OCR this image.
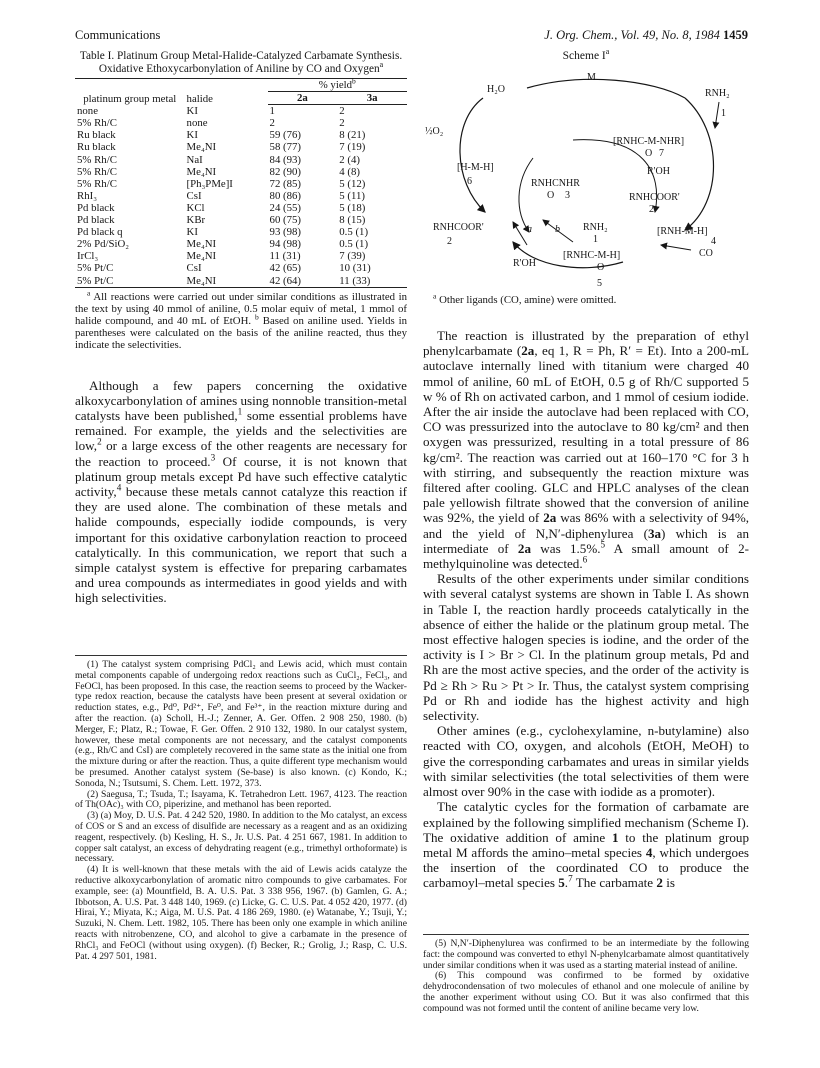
Communications	J. Org. Chem., Vol. 49, No. 8, 1984 1459

Table I. Platinum Group Metal-Halide-Catalyzed Carbamate Synthesis. Oxidative Ethoxycarbonylation of Aniline by CO and Oxygen$^a$

platinum group metal	halide	% yield$^b$
		2a	3a
none	KI	1	2
5% Rh/C	none	2	2
Ru black	KI	59 (76)	8 (21)
Ru black	Me₄NI	58 (77)	7 (19)
5% Rh/C	NaI	84 (93)	2 (4)
5% Rh/C	Me₄NI	82 (90)	4 (8)
5% Rh/C	[Ph₃PMe]I	72 (85)	5 (12)
RhI₃	CsI	80 (86)	5 (11)
Pd black	KCl	24 (55)	5 (18)
Pd black	KBr	60 (75)	8 (15)
Pd black q	KI	93 (98)	0.5 (1)
2% Pd/SiO₂	Me₄NI	94 (98)	0.5 (1)
IrCl₃	Me₄NI	11 (31)	7 (39)
5% Pt/C	CsI	42 (65)	10 (31)
5% Pt/C	Me₄NI	42 (64)	11 (33)

$^a$ All reactions were carried out under similar conditions as illustrated in the text by using 40 mmol of aniline, 0.5 molar equiv of metal, 1 mmol of halide compound, and 40 mL of EtOH. $^b$ Based on aniline used. Yields in parentheses were calculated on the basis of the aniline reacted, thus they indicate the selectivities.

Although a few papers concerning the oxidative alkoxycarbonylation of amines using nonnoble transition-metal catalysts have been published,$^1$ some essential problems have remained. For example, the yields and the selectivities are low,$^2$ or a large excess of the other reagents are necessary for the reaction to proceed.$^3$ Of course, it is not known that platinum group metals except Pd have such effective catalytic activity,$^4$ because these metals cannot catalyze this reaction if they are used alone. The combination of these metals and halide compounds, especially iodide compounds, is very important for this oxidative carbonylation reaction to proceed catalytically. In this communication, we report that such a simple catalyst system is effective for preparing carbamates and urea compounds as intermediates in good yields and with high selectivities.

(1) The catalyst system comprising PdCl₂ and Lewis acid, which must contain metal components capable of undergoing redox reactions such as CuCl₂, FeCl₃, and FeOCl, has been proposed. In this case, the reaction seems to proceed by the Wacker-type redox reaction, because the catalysts have been present at several oxidation or reduction states, e.g., Pd⁰, Pd²⁺, Fe⁰, and Fe³⁺, in the reaction mixture during and after the reaction. (a) Scholl, H.-J.; Zenner, A. Ger. Offen. 2 908 250, 1980. (b) Merger, F.; Platz, R.; Towae, F. Ger. Offen. 2 910 132, 1980. In our catalyst system, however, these metal components are not necessary, and the catalyst components (e.g., Rh/C and CsI) are completely recovered in the same state as the initial one from the mixture during or after the reaction. Thus, a quite different type mechanism would be presumed. Another catalyst system (Se-base) is also known. (c) Kondo, K.; Sonoda, N.; Tsutsumi, S. Chem. Lett. 1972, 373.

(2) Saegusa, T.; Tsuda, T.; Isayama, K. Tetrahedron Lett. 1967, 4123. The reaction of Th(OAc)₃ with CO, piperizine, and methanol has been reported.

(3) (a) Moy, D. U.S. Pat. 4 242 520, 1980. In addition to the Mo catalyst, an excess of COS or S and an excess of disulfide are necessary as a reagent and as an oxidizing reagent, respectively. (b) Kesling, H. S., Jr. U.S. Pat. 4 251 667, 1981. In addition to copper salt catalyst, an excess of dehydrating reagent (e.g., trimethyl orthoformate) is necessary.

(4) It is well-known that these metals with the aid of Lewis acids catalyze the reductive alkoxycarbonylation of aromatic nitro compounds to give carbamates. For example, see: (a) Mountfield, B. A. U.S. Pat. 3 338 956, 1967. (b) Gamlen, G. A.; Ibbotson, A. U.S. Pat. 3 448 140, 1969. (c) Licke, G. C. U.S. Pat. 4 052 420, 1977. (d) Hirai, Y.; Miyata, K.; Aiga, M. U.S. Pat. 4 186 269, 1980. (e) Watanabe, Y.; Tsuji, Y.; Suzuki, N. Chem. Lett. 1982, 105. There has been only one example in which aniline reacts with nitrobenzene, CO, and alcohol to give a carbamate in the presence of RhCl₃ and FeOCl (without using oxygen). (f) Becker, R.; Grolig, J.; Rasp, C. U.S. Pat. 4 297 501, 1981.

Scheme $I^a$

H₂O
M
RNH₂
1
½O₂
[RNHC-M-NHR]
O 7
[H-M-H]
6
R'OH
RNHCNHR
O 3	RNHCOOR'
2
RNHCOOR'
2
a b RNH₂
1
[RNH-M-H]
4
CO
R'OH
[RNHC-M-H]
O
5

$^a$ Other ligands (CO, amine) were omitted.

The reaction is illustrated by the preparation of ethyl phenylcarbamate (2a, eq 1, R = Ph, R′ = Et). Into a 200-mL autoclave internally lined with titanium were charged 40 mmol of aniline, 60 mL of EtOH, 0.5 g of Rh/C supported 5 w % of Rh on activated carbon, and 1 mmol of cesium iodide. After the air inside the autoclave had been replaced with CO, CO was pressurized into the autoclave to 80 kg/cm² and then oxygen was pressurized, resulting in a total pressure of 86 kg/cm². The reaction was carried out at 160–170 °C for 3 h with stirring, and subsequently the reaction mixture was filtered after cooling. GLC and HPLC analyses of the clean pale yellowish filtrate showed that the conversion of aniline was 92%, the yield of 2a was 86% with a selectivity of 94%, and the yield of N,N′-diphenylurea (3a) which is an intermediate of 2a was 1.5%.$^5$ A small amount of 2-methylquinoline was detected.$^6$

Results of the other experiments under similar conditions with several catalyst systems are shown in Table I. As shown in Table I, the reaction hardly proceeds catalytically in the absence of either the halide or the platinum group metal. The most effective halogen species is iodine, and the order of the activity is I > Br > Cl. In the platinum group metals, Pd and Rh are the most active species, and the order of the activity is Pd ≥ Rh > Ru > Pt > Ir. Thus, the catalyst system comprising Pd or Rh and iodide has the highest activity and high selectivity.

Other amines (e.g., cyclohexylamine, n-butylamine) also reacted with CO, oxygen, and alcohols (EtOH, MeOH) to give the corresponding carbamates and ureas in similar yields with similar selectivities (the total selectivities of them were almost over 90% in the case with iodide as a promoter).

The catalytic cycles for the formation of carbamate are explained by the following simplified mechanism (Scheme I). The oxidative addition of amine 1 to the platinum group metal M affords the amino–metal species 4, which undergoes the insertion of the coordinated CO to produce the carbamoyl–metal species 5.$^7$ The carbamate 2 is

(5) N,N′-Diphenylurea was confirmed to be an intermediate by the following fact: the compound was converted to ethyl N-phenylcarbamate almost quantitatively under similar conditions when it was used as a starting material instead of aniline.

(6) This compound was confirmed to be formed by oxidative dehydrocondensation of two molecules of ethanol and one molecule of aniline by the another experiment without using CO. But it was also confirmed that this compound was not formed until the content of aniline became very low.
